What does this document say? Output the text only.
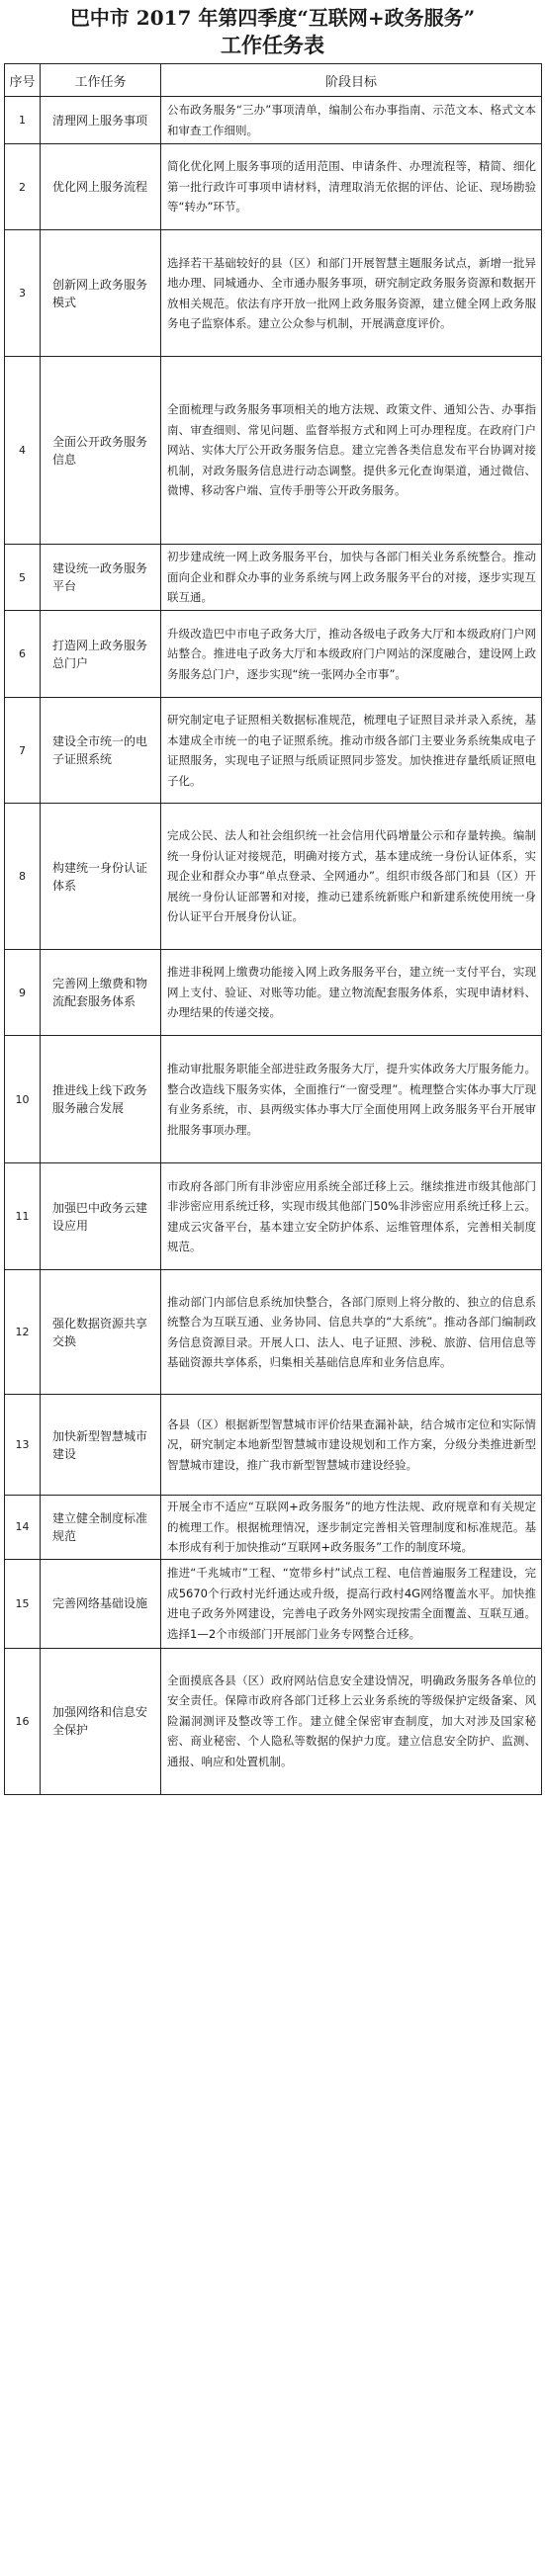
巴中市 2017 年第四季度“互联网+政务服务”
工作任务表
序号	工作任务	阶段目标
1	清理网上服务事项	公布政务服务“三办”事项清单，编制公布办事指南、示范文本、格式文本和审查工作细则。
2	优化网上服务流程	简化优化网上服务事项的适用范围、申请条件、办理流程等，精简、细化第一批行政许可事项申请材料，清理取消无依据的评估、论证、现场勘验等“转办”环节。
3	创新网上政务服务模式	选择若干基础较好的县（区）和部门开展智慧主题服务试点，新增一批异地办理、同城通办、全市通办服务事项，研究制定政务服务资源和数据开放相关规范。依法有序开放一批网上政务服务资源，建立健全网上政务服务电子监察体系。建立公众参与机制，开展满意度评价。
4	全面公开政务服务信息	全面梳理与政务服务事项相关的地方法规、政策文件、通知公告、办事指南、审查细则、常见问题、监督举报方式和网上可办理程度。在政府门户网站、实体大厅公开政务服务信息。建立完善各类信息发布平台协调对接机制，对政务服务信息进行动态调整。提供多元化查询渠道，通过微信、微博、移动客户端、宣传手册等公开政务服务。
5	建设统一政务服务平台	初步建成统一网上政务服务平台，加快与各部门相关业务系统整合。推动面向企业和群众办事的业务系统与网上政务服务平台的对接，逐步实现互联互通。
6	打造网上政务服务总门户	升级改造巴中市电子政务大厅，推动各级电子政务大厅和本级政府门户网站整合。推进电子政务大厅和本级政府门户网站的深度融合，建设网上政务服务总门户，逐步实现“统一张网办全市事”。
7	建设全市统一的电子证照系统	研究制定电子证照相关数据标准规范，梳理电子证照目录并录入系统，基本建成全市统一的电子证照系统。推动市级各部门主要业务系统集成电子证照服务，实现电子证照与纸质证照同步签发。加快推进存量纸质证照电子化。
8	构建统一身份认证体系	完成公民、法人和社会组织统一社会信用代码增量公示和存量转换。编制统一身份认证对接规范，明确对接方式，基本建成统一身份认证体系，实现企业和群众办事“单点登录、全网通办”。组织市级各部门和县（区）开展统一身份认证部署和对接，推动已建系统新账户和新建系统使用统一身份认证平台开展身份认证。
9	完善网上缴费和物流配套服务体系	推进非税网上缴费功能接入网上政务服务平台，建立统一支付平台，实现网上支付、验证、对账等功能。建立物流配套服务体系，实现申请材料、办理结果的传递交接。
10	推进线上线下政务服务融合发展	推动审批服务职能全部进驻政务服务大厅，提升实体政务大厅服务能力。整合改造线下服务实体，全面推行“一窗受理”。梳理整合实体办事大厅现有业务系统，市、县两级实体办事大厅全面使用网上政务服务平台开展审批服务事项办理。
11	加强巴中政务云建设应用	市政府各部门所有非涉密应用系统全部迁移上云。继续推进市级其他部门非涉密应用系统迁移，实现市级其他部门50%非涉密应用系统迁移上云。建成云灾备平台，基本建立安全防护体系、运维管理体系，完善相关制度规范。
12	强化数据资源共享交换	推动部门内部信息系统加快整合，各部门原则上将分散的、独立的信息系统整合为互联互通、业务协同、信息共享的“大系统”。推动各部门编制政务信息资源目录。开展人口、法人、电子证照、涉税、旅游、信用信息等基础资源共享体系，归集相关基础信息库和业务信息库。
13	加快新型智慧城市建设	各县（区）根据新型智慧城市评价结果查漏补缺，结合城市定位和实际情况，研究制定本地新型智慧城市建设规划和工作方案，分级分类推进新型智慧城市建设，推广我市新型智慧城市建设经验。
14	建立健全制度标准规范	开展全市不适应“互联网+政务服务”的地方性法规、政府规章和有关规定的梳理工作。根据梳理情况，逐步制定完善相关管理制度和标准规范。基本形成有利于加快推动“互联网+政务服务”工作的制度环境。
15	完善网络基础设施	推进“千兆城市”工程、“宽带乡村”试点工程、电信普遍服务工程建设，完成5670个行政村光纤通达或升级，提高行政村4G网络覆盖水平。加快推进电子政务外网建设，完善电子政务外网实现按需全面覆盖、互联互通。选择1—2个市级部门开展部门业务专网整合迁移。
16	加强网络和信息安全保护	全面摸底各县（区）政府网站信息安全建设情况，明确政务服务各单位的安全责任。保障市政府各部门迁移上云业务系统的等级保护定级备案、风险漏洞测评及整改等工作。建立健全保密审查制度，加大对涉及国家秘密、商业秘密、个人隐私等数据的保护力度。建立信息安全防护、监测、通报、响应和处置机制。
